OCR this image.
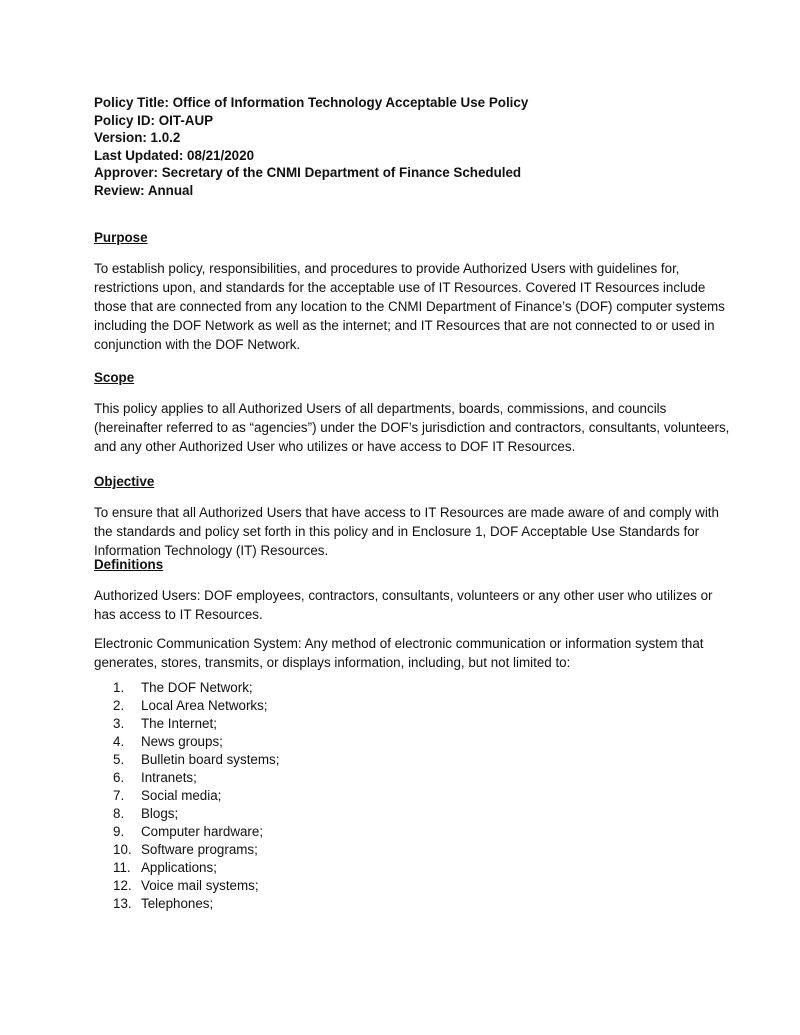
Policy Title: Office of Information Technology Acceptable Use Policy
Policy ID: OIT-AUP
Version: 1.0.2
Last Updated: 08/21/2020
Approver: Secretary of the CNMI Department of Finance Scheduled
Review: Annual
Purpose

To establish policy, responsibilities, and procedures to provide Authorized Users with guidelines for, restrictions upon, and standards for the acceptable use of IT Resources. Covered IT Resources include those that are connected from any location to the CNMI Department of Finance’s (DOF) computer systems including the DOF Network as well as the internet; and IT Resources that are not connected to or used in conjunction with the DOF Network.

Scope

This policy applies to all Authorized Users of all departments, boards, commissions, and councils (hereinafter referred to as “agencies”) under the DOF’s jurisdiction and contractors, consultants, volunteers, and any other Authorized User who utilizes or have access to DOF IT Resources.

Objective

To ensure that all Authorized Users that have access to IT Resources are made aware of and comply with the standards and policy set forth in this policy and in Enclosure 1, DOF Acceptable Use Standards for Information Technology (IT) Resources.

Definitions

Authorized Users: DOF employees, contractors, consultants, volunteers or any other user who utilizes or has access to IT Resources.

Electronic Communication System: Any method of electronic communication or information system that generates, stores, transmits, or displays information, including, but not limited to:

1. The DOF Network;
2. Local Area Networks;
3. The Internet;
4. News groups;
5. Bulletin board systems;
6. Intranets;
7. Social media;
8. Blogs;
9. Computer hardware;
10. Software programs;
11. Applications;
12. Voice mail systems;
13. Telephones;
